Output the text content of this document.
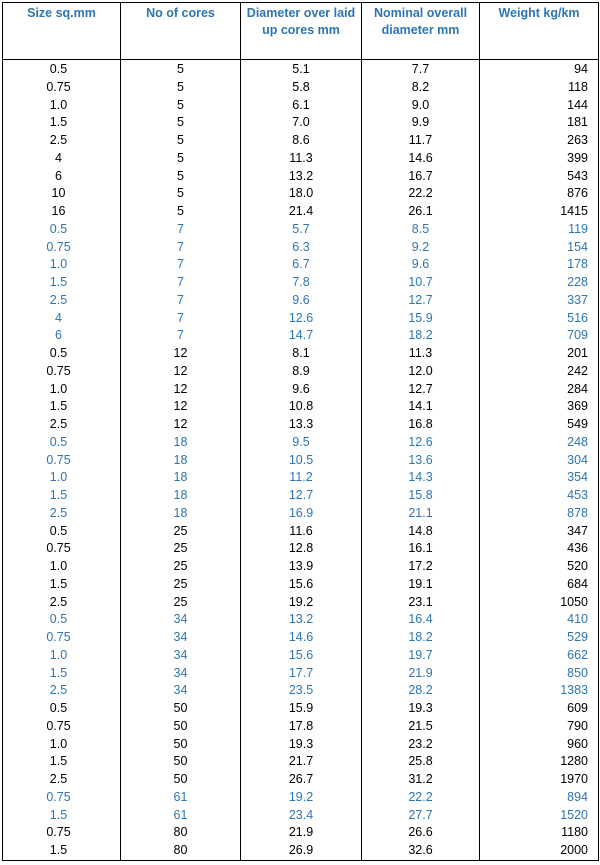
Size sq.mm	No of cores	Diameter over laid up cores mm	Nominal overall diameter mm	Weight kg/km
0.5	5	5.1	7.7	94
0.75	5	5.8	8.2	118
1.0	5	6.1	9.0	144
1.5	5	7.0	9.9	181
2.5	5	8.6	11.7	263
4	5	11.3	14.6	399
6	5	13.2	16.7	543
10	5	18.0	22.2	876
16	5	21.4	26.1	1415
0.5	7	5.7	8.5	119
0.75	7	6.3	9.2	154
1.0	7	6.7	9.6	178
1.5	7	7.8	10.7	228
2.5	7	9.6	12.7	337
4	7	12.6	15.9	516
6	7	14.7	18.2	709
0.5	12	8.1	11.3	201
0.75	12	8.9	12.0	242
1.0	12	9.6	12.7	284
1.5	12	10.8	14.1	369
2.5	12	13.3	16.8	549
0.5	18	9.5	12.6	248
0.75	18	10.5	13.6	304
1.0	18	11.2	14.3	354
1.5	18	12.7	15.8	453
2.5	18	16.9	21.1	878
0.5	25	11.6	14.8	347
0.75	25	12.8	16.1	436
1.0	25	13.9	17.2	520
1.5	25	15.6	19.1	684
2.5	25	19.2	23.1	1050
0.5	34	13.2	16.4	410
0.75	34	14.6	18.2	529
1.0	34	15.6	19.7	662
1.5	34	17.7	21.9	850
2.5	34	23.5	28.2	1383
0.5	50	15.9	19.3	609
0.75	50	17.8	21.5	790
1.0	50	19.3	23.2	960
1.5	50	21.7	25.8	1280
2.5	50	26.7	31.2	1970
0.75	61	19.2	22.2	894
1.5	61	23.4	27.7	1520
0.75	80	21.9	26.6	1180
1.5	80	26.9	32.6	2000
